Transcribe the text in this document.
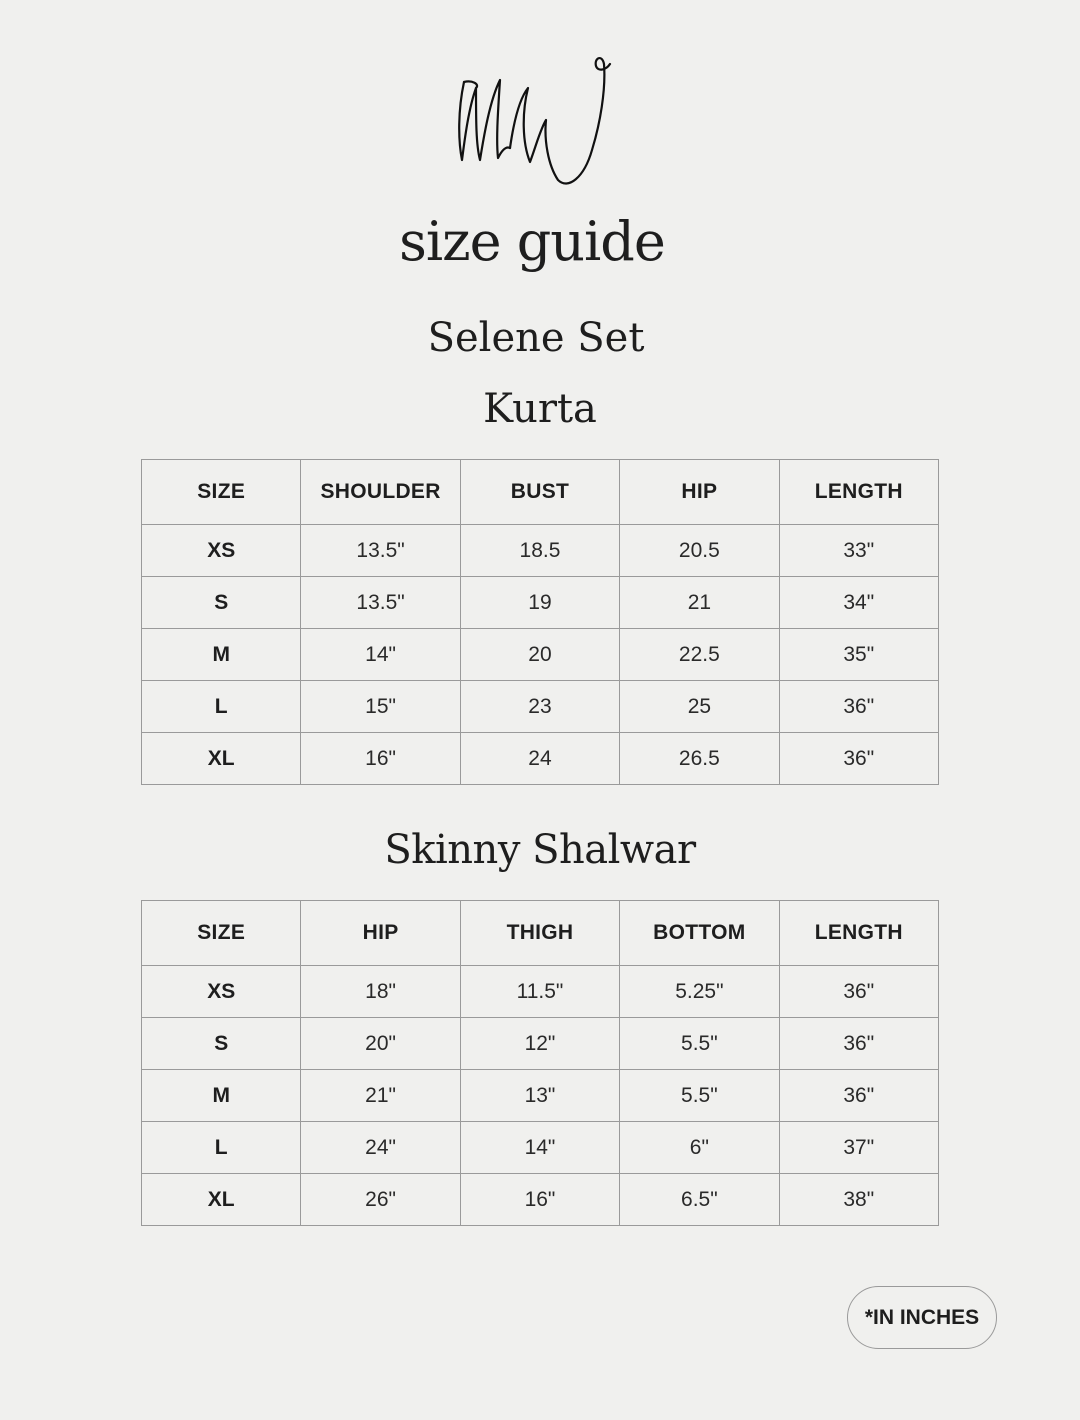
size guide
Selene Set
Kurta
SIZE	SHOULDER	BUST	HIP	LENGTH
XS	13.5"	18.5	20.5	33"
S	13.5"	19	21	34"
M	14"	20	22.5	35"
L	15"	23	25	36"
XL	16"	24	26.5	36"
Skinny Shalwar
SIZE	HIP	THIGH	BOTTOM	LENGTH
XS	18"	11.5"	5.25"	36"
S	20"	12"	5.5"	36"
M	21"	13"	5.5"	36"
L	24"	14"	6"	37"
XL	26"	16"	6.5"	38"
*IN INCHES
